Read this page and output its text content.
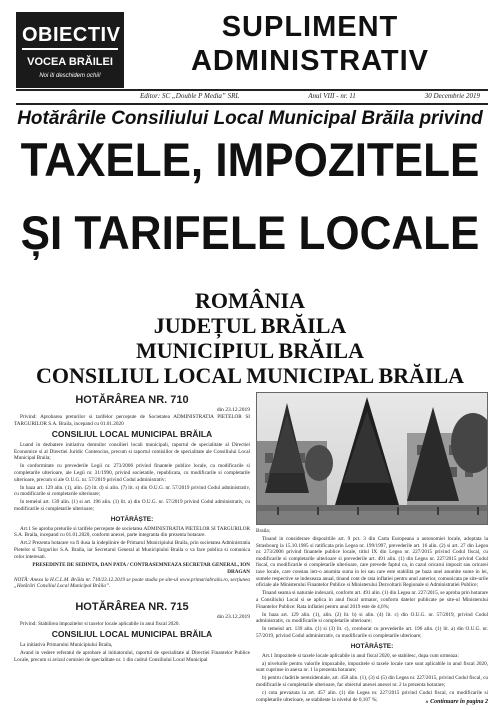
OBIECTIV
VOCEA BRĂILEI
Noi iti deschidem ochii!
SUPLIMENT
ADMINISTRATIV
Editor: SC „Double P Media” SRL	Anul VIII - nr. 11	30 Decembrie 2019
Hotărârile Consiliului Local Municipal Brăila privind
TAXELE, IMPOZITELE
ȘI TARIFELE LOCALE
ROMÂNIA
JUDEȚUL BRĂILA
MUNICIPIUL BRĂILA
CONSILIUL LOCAL MUNICIPAL BRĂILA
HOTĂRÂREA NR. 710
din 23.12.2019
Privind: Aprobarea preturilor si tarifelor percepute de Societatea ADMINISTRATIA PIETELOR SI TARGURILOR S.A. Braila, incepand cu 01.01.2020
CONSILIUL LOCAL MUNICIPAL BRĂILA
Luand in dezbatere initiativa domnilor consilieri locali municipali, raportul de specialitate al Directiei Economice si al Directiei Juridic Contencios, precum si raportul comisiilor de specialitate ale Consiliului Local Municipal Braila;
In conformitate cu prevederile Legii nr. 273/2006 privind finantele publice locale, cu modificarile si completarile ulterioare, ale Legii nr. 31/1990, privind societatile, republicata, cu modificarile si completarile ulterioare, precum si ale O.U.G. nr. 57/2019 privind Codul administrativ;
In baza art. 129 alin. (1), alin. (2) lit. d) si alin. (7) lit. s) din O.U.G. nr. 57/2019 privind Codul administrativ, cu modificarile si completarile ulterioare;
In temeiul art. 139 alin. (1) si art. 196 alin. (1) lit. a) din O.U.G. nr. 57/2019 privind Codul administrativ, cu modificarile si completarile ulterioare;
HOTĂRĂȘTE:
Art.1 Se aproba preturile si tarifele percepute de societatea ADMINISTRATIA PIETELOR SI TARGURILOR S.A. Braila, incepand cu 01.01.2020, conform anexei, parte integranta din prezenta hotarare.
Art.2 Prezenta hotarare va fi dusa la indeplinire de Primarul Municipiului Braila, prin societatea Administratia Pietelor si Targurilor S.A. Braila, iar Secretarul General al Municipiului Braila o va face publica si comunica celor interesati.
PRESEDINTE DE SEDINTA, DAN PATA / CONTRASEMNEAZA SECRETAR GENERAL, ION DRAGAN
NOTĂ: Anexa la H.C.L.M. Brăila nr. 710/23.12.2019 se poate studia pe site-ul www.primariabraila.ro, secțiunea „Hotărâri Consiliul Local Municipal Brăila”.
HOTĂRÂREA NR. 715
din 23.12.2019
Privind: Stabilirea impozitelor si taxelor locale aplicabile in anul fiscal 2020.
CONSILIUL LOCAL MUNICIPAL BRĂILA
La initiativa Primarului Municipiului Braila,
Avand in vedere referatul de aprobare al initiatorului, raportul de specialitate al Directiei Finantelor Publice Locale, precum si avizul comisiei de specialitate nr. 1 din cadrul Consiliului Local Municipal
Braila;
Tinand in considerare dispozitiile art. 9 pct. 3 din Carta Europeana a autonomiei locale, adoptata la Strasbourg la 15.10.1985 si ratificata prin Legea nr. 199/1997, prevederile art. 16 alin. (2) si art. 27 din Legea nr. 273/2006 privind finantele publice locale, titlul IX din Legea nr. 227/2015 privind Codul fiscal, cu modificarile si completarile ulterioare si prevederile art. 491 alin. (1) din Legea nr. 227/2015 privind Codul fiscal, cu modificarile si completarile ulterioare, care prevede faptul ca, in cazul oricarui impozit sau oricarei taxe locale, care constau intr-o anumita suma in lei sau care este stabilita pe baza unei anumite sume in lei, sumele respective se indexeaza anual, tinand cont de rata inflatiei pentru anul anterior, comunicata pe site-urile oficiale ale Ministerului Finantelor Publice si Ministerului Dezvoltarii Regionale si Administratiei Publice;
Tinand seama si naturale indexarii, conform art. 491 alin. (1) din Legea nr. 227/2015, se aproba prin hotarare a Consiliului Local si se aplica in anul fiscal urmator, conform datelor publicate pe site-ul Ministerului Finantelor Publice: Rata inflatiei pentru anul 2019 este de 4,6%;
In baza art. 129 alin. (1), alin. (2) lit. b) si alin. (4) lit. c) din O.U.G. nr. 57/2019, privind Codul administrativ, cu modificarile si completarile ulterioare;
In temeiul art. 139 alin. (1) si (3) lit. c), coroborat cu prevederile art. 196 alin. (1) lit. a) din O.U.G. nr. 57/2019, privind Codul administrativ, cu modificarile si completarile ulterioare;
HOTĂRĂȘTE:
Art.1 Impozitele si taxele locale aplicabile in anul fiscal 2020, se stabilesc, dupa cum urmeaza:
a) nivelurile pentru valorile impozabile, impozitele si taxele locale care sunt aplicabile in anul fiscal 2020, sunt cuprinse in anexa nr. 1 la prezenta hotarare;
b) pentru cladirile nerezidentiale, art. 458 alin. (1), (3) si (5) din Legea nr. 227/2015, privind Codul fiscal, cu modificarile si completarile ulterioare, fac obiectul anexei anexei nr. 2 la prezenta hotarare;
c) cota prevazuta la art. 457 alin. (1) din Legea nr. 227/2015 privind Codul fiscal, cu modificarile si completarile ulterioare, se stabileste la nivelul de 0,107 %;	» Continuare în pagina 2
